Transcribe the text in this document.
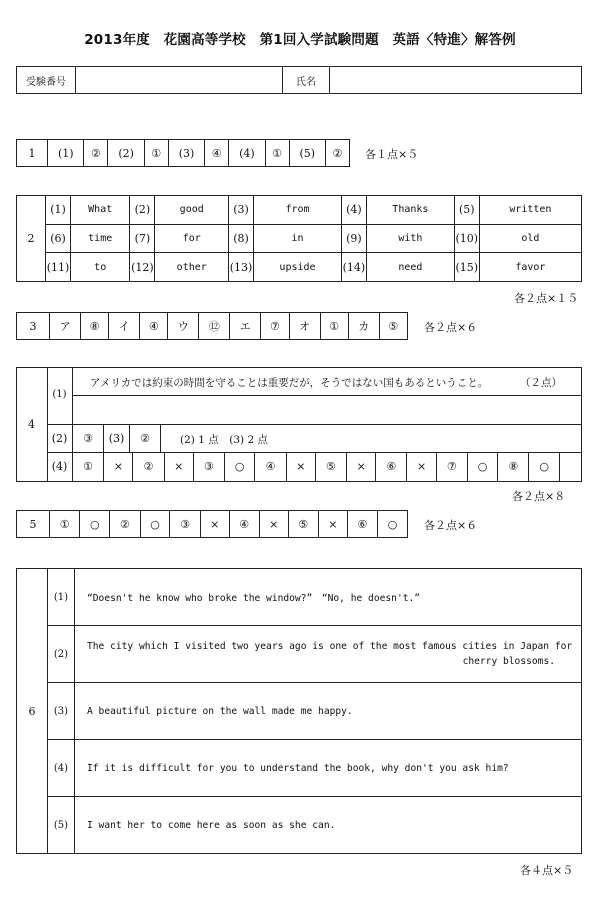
2013年度　花園高等学校　第1回入学試験問題　英語〈特進〉解答例
受験番号		氏名	
1	(1)	②	(2)	①	(3)	④	(4)	①	(5)	② 各１点×５
2	(1)	What	(2)	good	(3)	from	(4)	Thanks	(5)	written
	(6)	time	(7)	for	(8)	in	(9)	with	(10)	old
	(11)	to	(12)	other	(13)	upside	(14)	need	(15)	favor
各２点×１５
3	ア	⑧	イ	④	ウ	⑫	エ	⑦	オ	①	カ	⑤ 各２点×６
4
(1)
アメリカでは約束の時間を守ることは重要だが，そうではない国もあるということ。	（２点）
(2)	③	(3)	②	(2) 1 点　(3) 2 点
(4)	①	×	②	×	③	○	④	×	⑤	×	⑥	×	⑦	○	⑧	○
各２点×８
5	①	○	②	○	③	×	④	×	⑤	×	⑥	○ 各２点×６
6	(1)	“Doesn't he know who broke the window?”　“No, he doesn't.”

	(2)	The city which I visited two years ago is one of the most famous cities in Japan for
cherry blossoms.

	(3)	A beautiful picture on the wall made me happy.

	(4)	If it is difficult for you to understand the book, why don't you ask him?

	(5)	I want her to come here as soon as she can.
各４点×５
